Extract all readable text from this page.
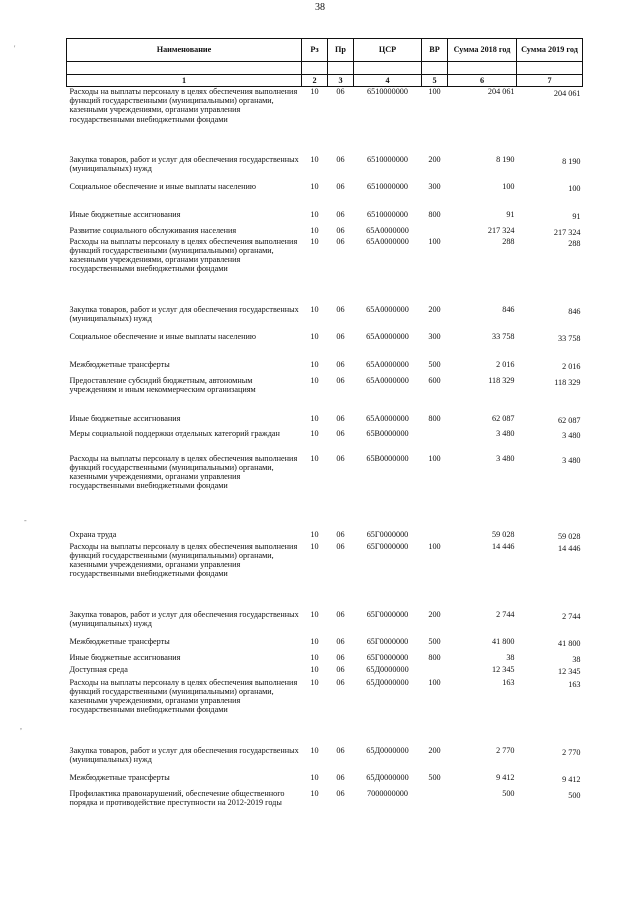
38
'
-
,
Наименование	Рз	Пр	ЦСР	ВР	Сумма 2018 год	Сумма 2019 год

1	2	3	4	5	6	7
Расходы на выплаты персоналу в целях обеспечения выполнения функций государственными (муниципальными) органами, казенными учреждениями, органами управления государственными внебюджетными фондами	10	06	6510000000	100	204 061	204 061
Закупка товаров, работ и услуг для обеспечения государственных (муниципальных) нужд	10	06	6510000000	200	8 190	8 190
Социальное обеспечение и иные выплаты населению	10	06	6510000000	300	100	100
Иные бюджетные ассигнования	10	06	6510000000	800	91	91
Развитие социального обслуживания населения	10	06	65А0000000		217 324	217 324
Расходы на выплаты персоналу в целях обеспечения выполнения функций государственными (муниципальными) органами, казенными учреждениями, органами управления государственными внебюджетными фондами	10	06	65А0000000	100	288	288
Закупка товаров, работ и услуг для обеспечения государственных (муниципальных) нужд	10	06	65А0000000	200	846	846
Социальное обеспечение и иные выплаты населению	10	06	65А0000000	300	33 758	33 758
Межбюджетные трансферты	10	06	65А0000000	500	2 016	2 016
Предоставление субсидий бюджетным, автономным учреждениям и иным некоммерческим организациям	10	06	65А0000000	600	118 329	118 329
Иные бюджетные ассигнования	10	06	65А0000000	800	62 087	62 087
Меры социальной поддержки отдельных категорий граждан	10	06	65В0000000		3 480	3 480
Расходы на выплаты персоналу в целях обеспечения выполнения функций государственными (муниципальными) органами, казенными учреждениями, органами управления государственными внебюджетными фондами	10	06	65В0000000	100	3 480	3 480
Охрана труда	10	06	65Г0000000		59 028	59 028
Расходы на выплаты персоналу в целях обеспечения выполнения функций государственными (муниципальными) органами, казенными учреждениями, органами управления государственными внебюджетными фондами	10	06	65Г0000000	100	14 446	14 446
Закупка товаров, работ и услуг для обеспечения государственных (муниципальных) нужд	10	06	65Г0000000	200	2 744	2 744
Межбюджетные трансферты	10	06	65Г0000000	500	41 800	41 800
Иные бюджетные ассигнования	10	06	65Г0000000	800	38	38
Доступная среда	10	06	65Д0000000		12 345	12 345
Расходы на выплаты персоналу в целях обеспечения выполнения функций государственными (муниципальными) органами, казенными учреждениями, органами управления государственными внебюджетными фондами	10	06	65Д0000000	100	163	163
Закупка товаров, работ и услуг для обеспечения государственных (муниципальных) нужд	10	06	65Д0000000	200	2 770	2 770
Межбюджетные трансферты	10	06	65Д0000000	500	9 412	9 412
Профилактика правонарушений, обеспечение общественного порядка и противодействие преступности на 2012-2019 годы	10	06	7000000000		500	500
